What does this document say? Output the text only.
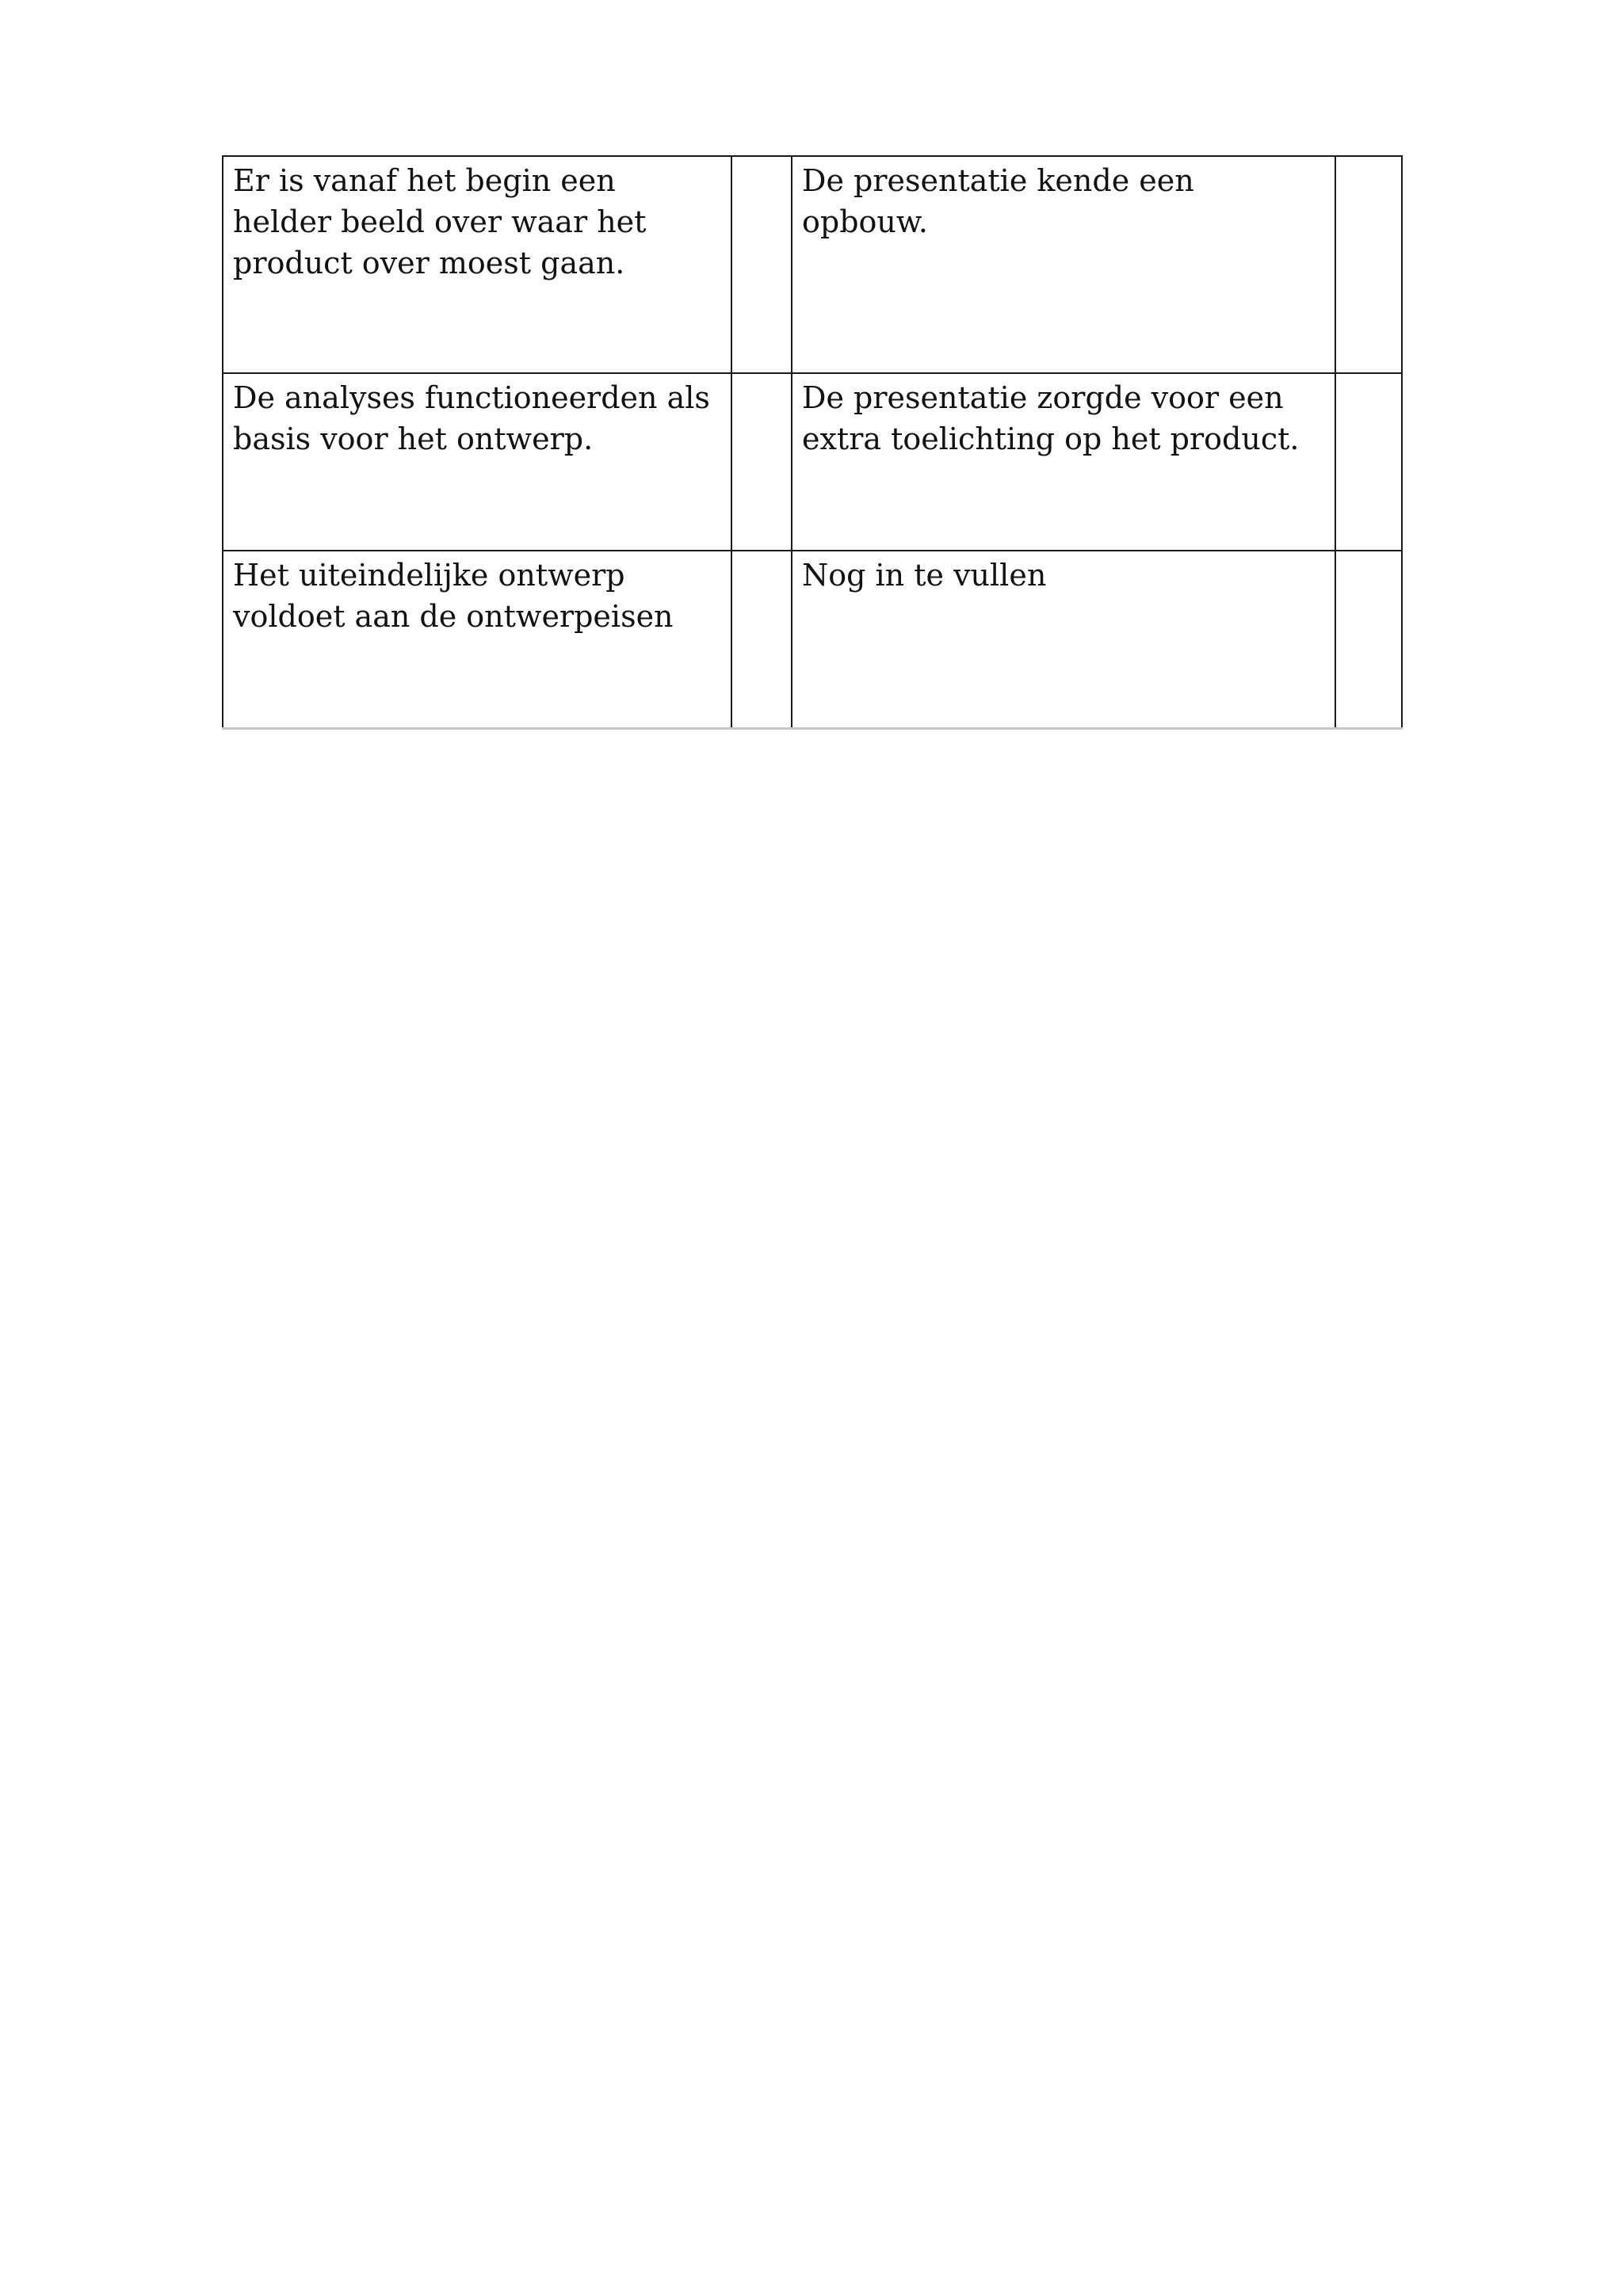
Er is vanaf het begin een helder beeld over waar het product over moest gaan.		De presentatie kende een opbouw.	
De analyses functioneerden als basis voor het ontwerp.		De presentatie zorgde voor een extra toelichting op het product.	
Het uiteindelijke ontwerp voldoet aan de ontwerpeisen		Nog in te vullen	
